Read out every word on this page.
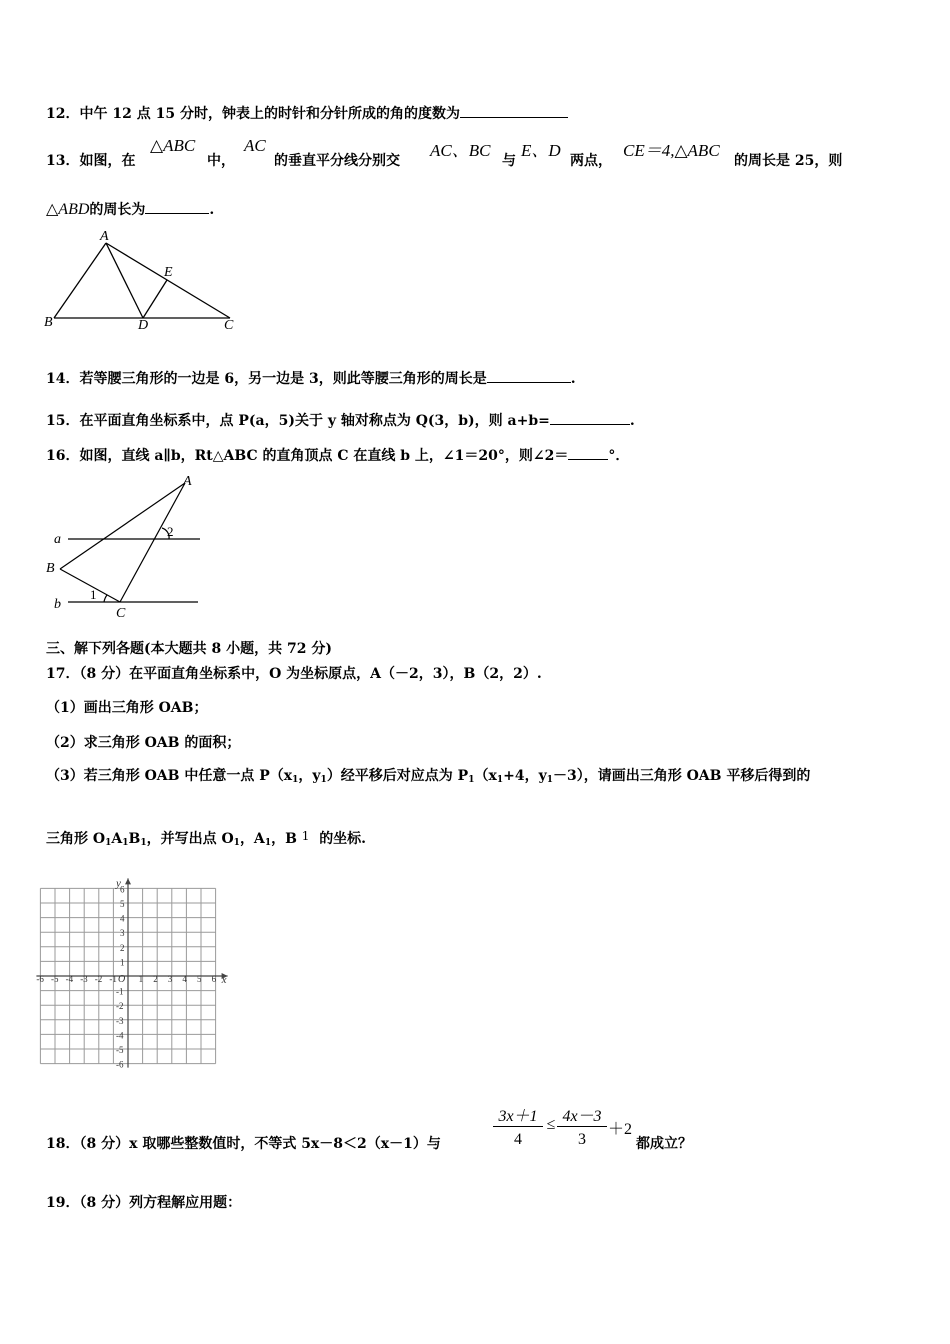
12．中午 12 点 15 分时，钟表上的时针和分针所成的角的度数为
13．如图，在
△ABC
中，
AC
的垂直平分线分别交
AC、BC
与
E、D
两点，
CE＝4,△ABC
的周长是 25，则
△ABD的周长为	.
A
E
B	D	C
14．若等腰三角形的一边是 6，另一边是 3，则此等腰三角形的周长是	.
15．在平面直角坐标系中，点 P(a，5)关于 y 轴对称点为 Q(3，b)，则 a+b=	.
16．如图，直线 a∥b，Rt△ABC 的直角顶点 C 在直线 b 上，∠1＝20°，则∠2＝	°．
A
a
2
B
b
1
C
三、解下列各题(本大题共 8 小题，共 72 分)
17．（8 分）在平面直角坐标系中，O 为坐标原点，A（－2，3），B（2，2）.
（1）画出三角形 OAB；
（2）求三角形 OAB 的面积；
（3）若三角形 OAB 中任意一点 $P(x_1$，$y_1$）经平移后对应点为 $P_1(x_1+4$，$y_1-3$），请画出三角形 OAB 平移后得到的
三角形 $O_1A_1B_1$，并写出点 $O_1$，$A_1$，B 1 的坐标.
-6 -5 -4 -3 -2 -1 1 2 3 4 5 6
6
5
4
3
2
1
-1
-2
-3
-4
-5
-6
O	x
y
18．（8 分）x 取哪些整数值时，不等式 5x－8＜2（x－1）与
3x＋1
4
≤ 4x－3
3
＋2
都成立？
19．（8 分）列方程解应用题：
